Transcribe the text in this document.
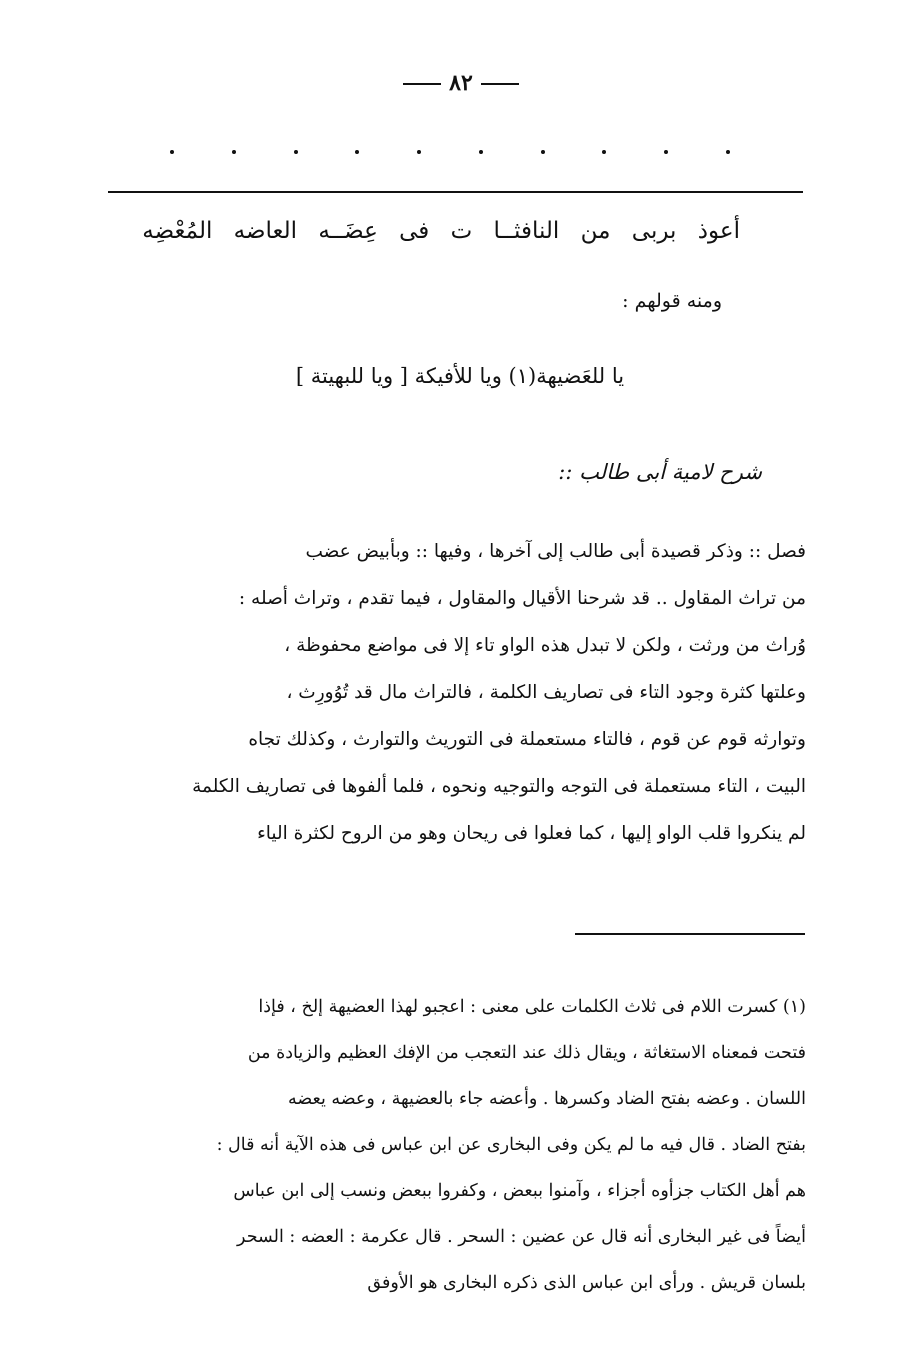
٨٢
أعوذ بربى من النافثــا ت فى عِضَــه العاضه المُعْضِه
ومنه قولهم :
يا للعَضيهة(١) ويا للأفيكة [ ويا للبهيتة ]
شرح لامية أبى طالب ::

فصل :: وذكر قصيدة أبى طالب إلى آخرها ، وفيها :: وبأبيض عضب

من تراث المقاول .. قد شرحنا الأقيال والمقاول ، فيما تقدم ، وتراث أصله :

وُراث من ورثت ، ولكن لا تبدل هذه الواو تاء إلا فى مواضع محفوظة ،

وعلتها كثرة وجود التاء فى تصاريف الكلمة ، فالتراث مال قد تُوُورِث ،

وتوارثه قوم عن قوم ، فالتاء مستعملة فى التوريث والتوارث ، وكذلك تجاه

البيت ، التاء مستعملة فى التوجه والتوجيه ونحوه ، فلما ألفوها فى تصاريف الكلمة

لم ينكروا قلب الواو إليها ، كما فعلوا فى ريحان وهو من الروح لكثرة الياء

(١) كسرت اللام فى ثلاث الكلمات على معنى : اعجبو لهذا العضيهة إلخ ، فإذا

فتحت فمعناه الاستغاثة ، ويقال ذلك عند التعجب من الإفك العظيم والزيادة من

اللسان . وعضه بفتح الضاد وكسرها . وأعضه جاء بالعضيهة ، وعضه يعضه

بفتح الضاد . قال فيه ما لم يكن وفى البخارى عن ابن عباس فى هذه الآية أنه قال :

هم أهل الكتاب جزأوه أجزاء ، وآمنوا ببعض ، وكفروا ببعض ونسب إلى ابن عباس

أيضاً فى غير البخارى أنه قال عن عضين : السحر . قال عكرمة : العضه : السحر

بلسان قريش . ورأى ابن عباس الذى ذكره البخارى هو الأوفق
